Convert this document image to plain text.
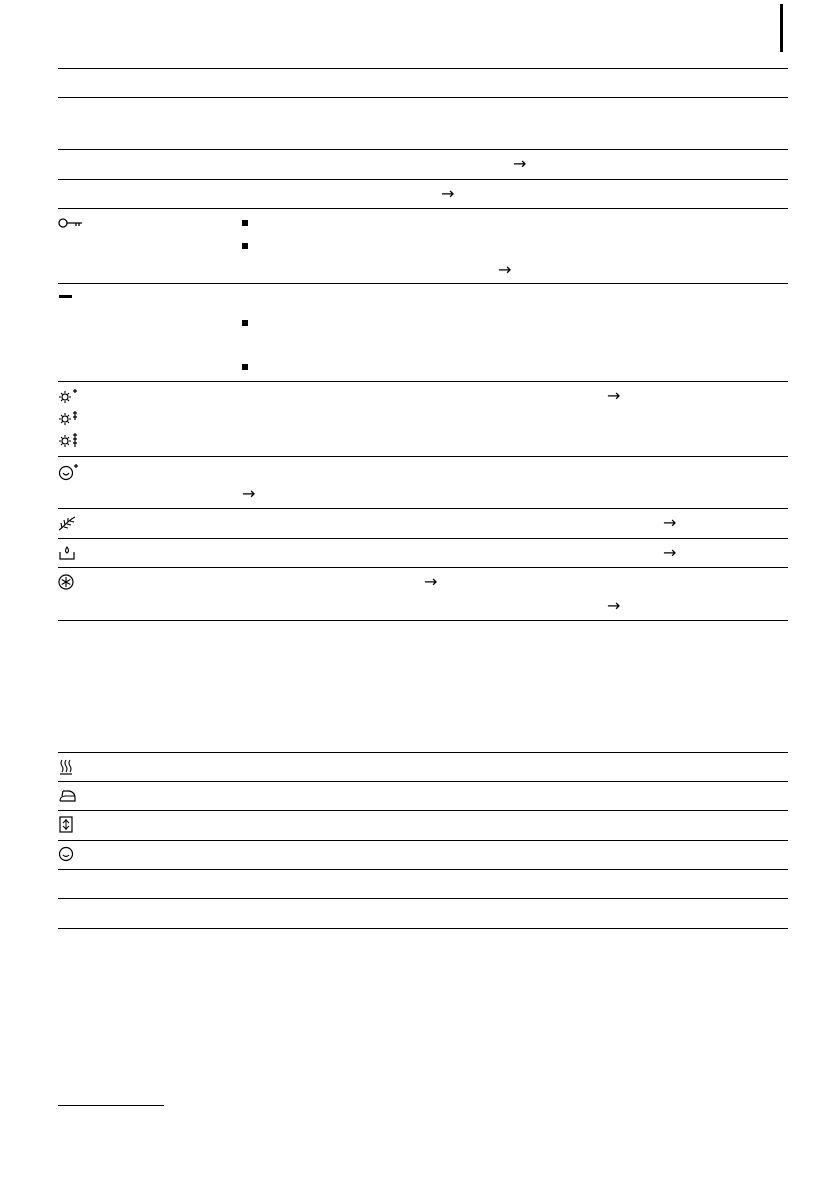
→
→
→
→
→
→
→
→
→
